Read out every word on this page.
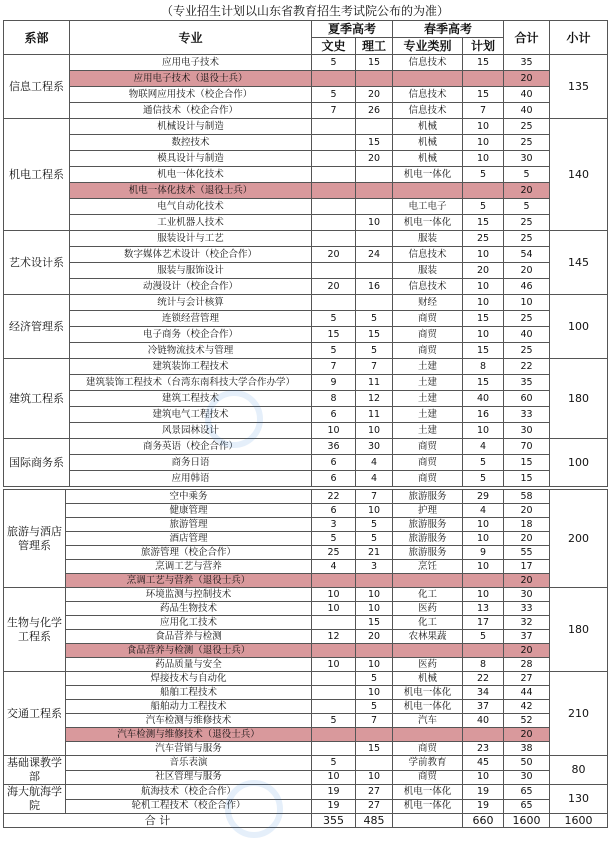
（专业招生计划以山东省教育招生考试院公布的为准）
系部	专业	夏季高考		春季高考		合计	小计
		文史	理工	专业类别	计划		
信息工程系	应用电子技术	5	15	信息技术	15	35	135
	应用电子技术（退役士兵）					20	
	物联网应用技术（校企合作）	5	20	信息技术	15	40	
	通信技术（校企合作）	7	26	信息技术	7	40	
机电工程系	机械设计与制造			机械	10	25	140
	数控技术		15	机械	10	25	
	模具设计与制造		20	机械	10	30	
	机电一体化技术			机电一体化	5	5	
	机电一体化技术（退役士兵）					20	
	电气自动化技术			电工电子	5	5	
	工业机器人技术		10	机电一体化	15	25	
艺术设计系	服装设计与工艺			服装	25	25	145
	数字媒体艺术设计（校企合作）	20	24	信息技术	10	54	
	服装与服饰设计			服装	20	20	
	动漫设计（校企合作）	20	16	信息技术	10	46	
经济管理系	统计与会计核算			财经	10	10	100
	连锁经营管理	5	5	商贸	15	25	
	电子商务（校企合作）	15	15	商贸	10	40	
	冷链物流技术与管理	5	5	商贸	15	25	
建筑工程系	建筑装饰工程技术	7	7	土建	8	22	180
	建筑装饰工程技术（台湾东南科技大学合作办学）	9	11	土建	15	35	
	建筑工程技术	8	12	土建	40	60	
	建筑电气工程技术	6	11	土建	16	33	
	风景园林设计	10	10	土建	10	30	
国际商务系	商务英语（校企合作）	36	30	商贸	4	70	100
	商务日语	6	4	商贸	5	15	
	应用韩语	6	4	商贸	5	15	
旅游与酒店管理系	空中乘务	22	7	旅游服务	29	58	200
	健康管理	6	10	护理	4	20	
	旅游管理	3	5	旅游服务	10	18	
	酒店管理	5	5	旅游服务	10	20	
	旅游管理（校企合作）	25	21	旅游服务	9	55	
	烹调工艺与营养	4	3	烹饪	10	17	
	烹调工艺与营养（退役士兵）					20	
生物与化学工程系	环境监测与控制技术	10	10	化工	10	30	180
	药品生物技术	10	10	医药	13	33	
	应用化工技术		15	化工	17	32	
	食品营养与检测	12	20	农林果蔬	5	37	
	食品营养与检测（退役士兵）					20	
	药品质量与安全	10	10	医药	8	28	
交通工程系	焊接技术与自动化		5	机械	22	27	210
	船舶工程技术		10	机电一体化	34	44	
	船舶动力工程技术		5	机电一体化	37	42	
	汽车检测与维修技术	5	7	汽车	40	52	
	汽车检测与维修技术（退役士兵）					20	
	汽车营销与服务		15	商贸	23	38	
基础课教学部	音乐表演	5		学前教育	45	50	80
	社区管理与服务	10	10	商贸	10	30	
海大航海学院	航海技术（校企合作）	19	27	机电一体化	19	65	130
	轮机工程技术（校企合作）	19	27	机电一体化	19	65	
合 计		355	485		660	1600	1600
